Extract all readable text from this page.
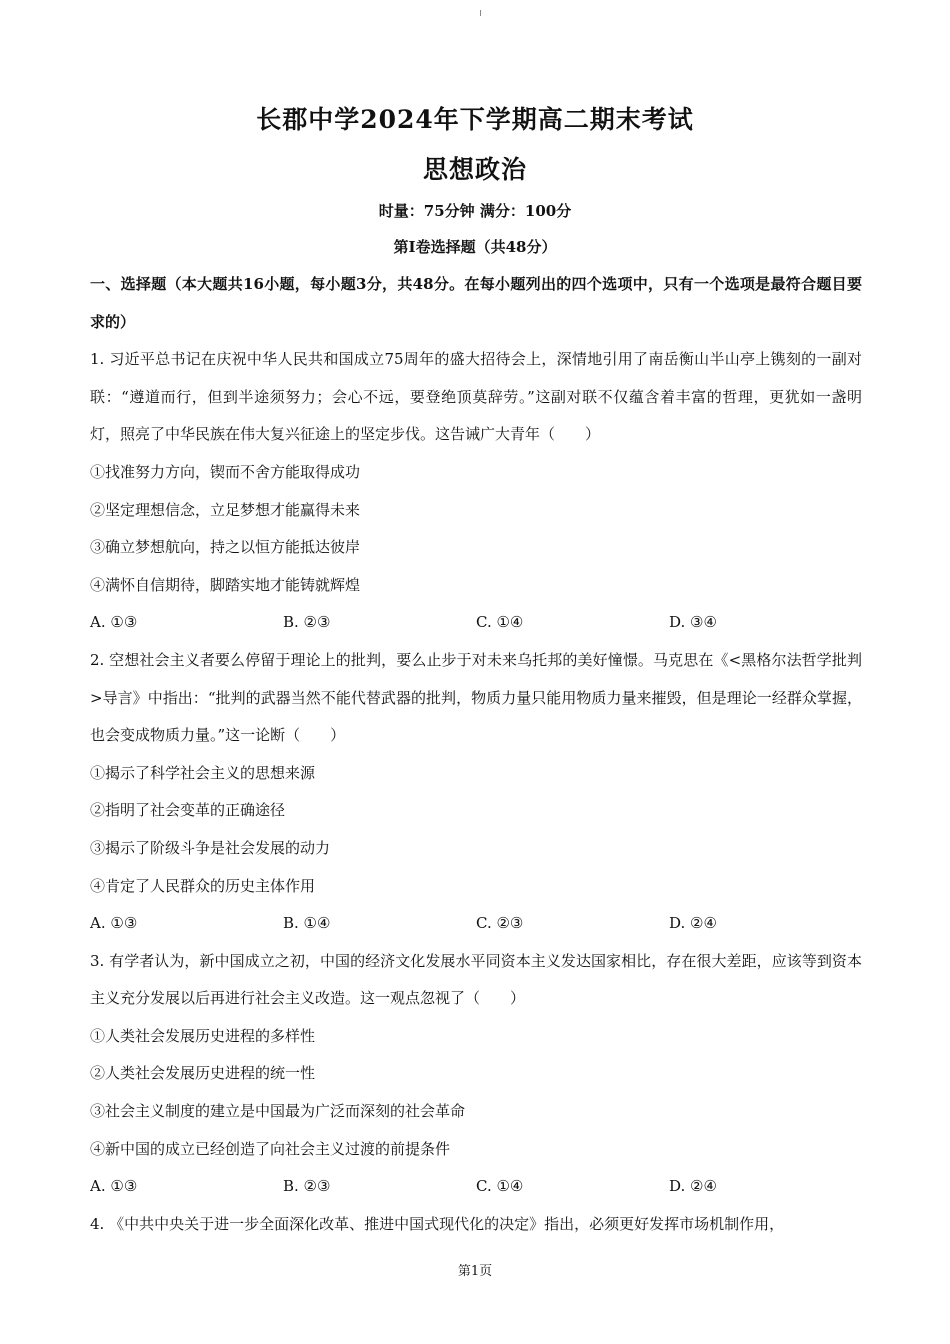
长郡中学2024年下学期高二期末考试
思想政治
时量：75分钟 满分：100分
第I卷选择题（共48分）

一、选择题（本大题共16小题，每小题3分，共48分。在每小题列出的四个选项中，只有一个选项是最符合题目要求的）

1. 习近平总书记在庆祝中华人民共和国成立75周年的盛大招待会上，深情地引用了南岳衡山半山亭上镌刻的一副对联：“遵道而行，但到半途须努力；会心不远，要登绝顶莫辞劳。”这副对联不仅蕴含着丰富的哲理，更犹如一盏明灯，照亮了中华民族在伟大复兴征途上的坚定步伐。这告诫广大青年（　　）

①找准努力方向，锲而不舍方能取得成功

②坚定理想信念，立足梦想才能赢得未来

③确立梦想航向，持之以恒方能抵达彼岸

④满怀自信期待，脚踏实地才能铸就辉煌

A. ①③	B. ②③	C. ①④	D. ③④

2. 空想社会主义者要么停留于理论上的批判，要么止步于对未来乌托邦的美好憧憬。马克思在《<黑格尔法哲学批判>导言》中指出：“批判的武器当然不能代替武器的批判，物质力量只能用物质力量来摧毁，但是理论一经群众掌握，也会变成物质力量。”这一论断（　　）

①揭示了科学社会主义的思想来源

②指明了社会变革的正确途径

③揭示了阶级斗争是社会发展的动力

④肯定了人民群众的历史主体作用

A. ①③	B. ①④	C. ②③	D. ②④

3. 有学者认为，新中国成立之初，中国的经济文化发展水平同资本主义发达国家相比，存在很大差距，应该等到资本主义充分发展以后再进行社会主义改造。这一观点忽视了（　　）

①人类社会发展历史进程的多样性

②人类社会发展历史进程的统一性

③社会主义制度的建立是中国最为广泛而深刻的社会革命

④新中国的成立已经创造了向社会主义过渡的前提条件

A. ①③	B. ②③	C. ①④	D. ②④

4. 《中共中央关于进一步全面深化改革、推进中国式现代化的决定》指出，必须更好发挥市场机制作用，

第1页
